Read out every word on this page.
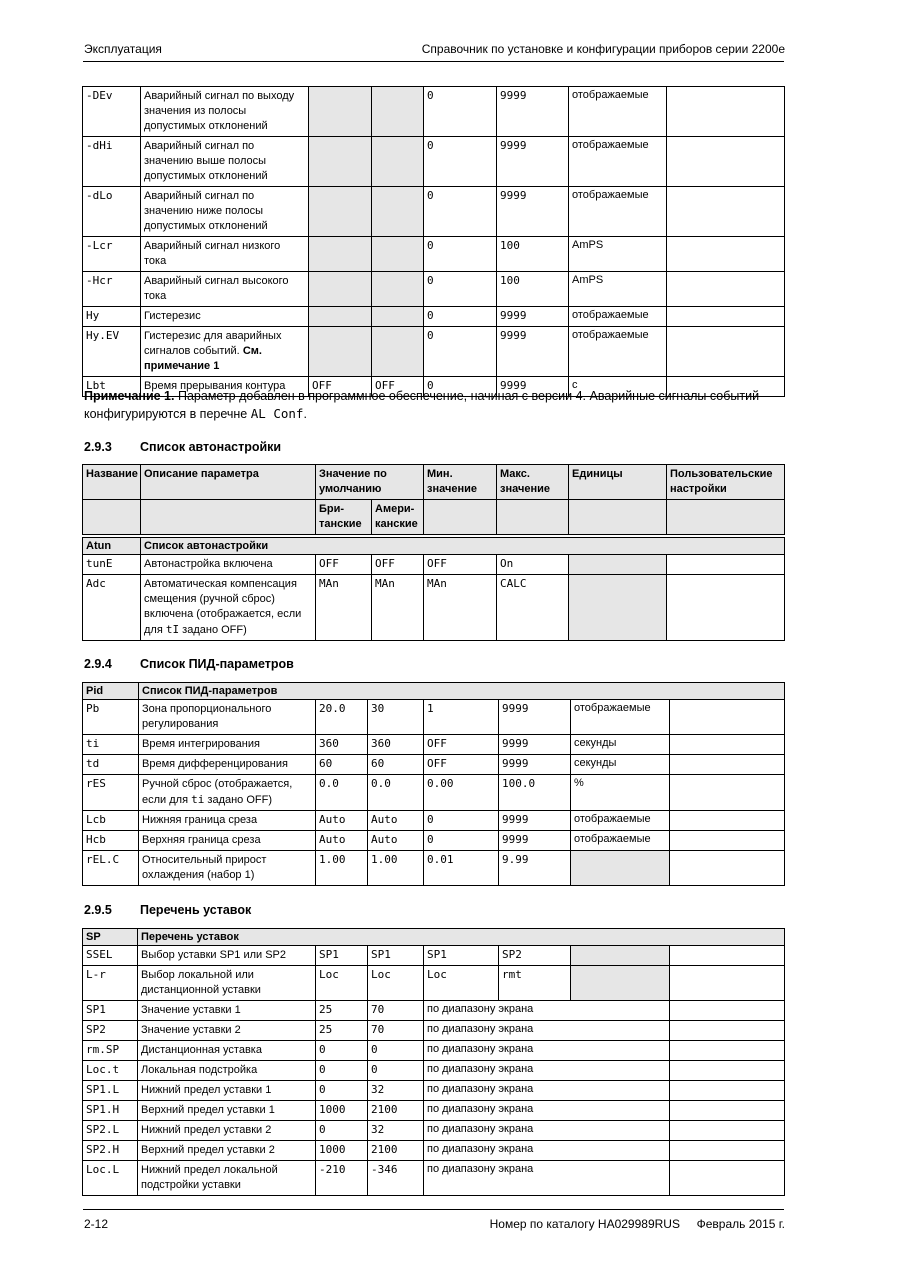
Эксплуатация	Справочник по установке и конфигурации приборов серии 2200e
-DEv	Аварийный сигнал по выходу значения из полосы допустимых отклонений			0	9999	отображаемые	
-dHi	Аварийный сигнал по значению выше полосы допустимых отклонений			0	9999	отображаемые	
-dLo	Аварийный сигнал по значению ниже полосы допустимых отклонений			0	9999	отображаемые	
-Lcr	Аварийный сигнал низкого тока			0	100	AmPS	
-Hcr	Аварийный сигнал высокого тока			0	100	AmPS	
Hy	Гистерезис			0	9999	отображаемые	
Hy.EV	Гистерезис для аварийных сигналов событий. См. примечание 1			0	9999	отображаемые	
Lbt	Время прерывания контура	OFF	OFF	0	9999	с	
Примечание 1. Параметр добавлен в программное обеспечение, начиная с версии 4. Аварийные сигналы событий конфигурируются в перечне AL Conf.
2.9.3 Список автонастройки
Название	Описание параметра	Значение по умолчанию		Мин. значение	Макс. значение	Единицы	Пользовательские настройки
		Бри-танские	Амери-канские				
Atun	Список автонастройки						
tunE	Автонастройка включена	OFF	OFF	OFF	On		
Adc	Автоматическая компенсация смещения (ручной сброс) включена (отображается, если для tI задано OFF)	MAn	MAn	MAn	CALC		
2.9.4 Список ПИД-параметров
Pid	Список ПИД-параметров						
Pb	Зона пропорционального регулирования	20.0	30	1	9999	отображаемые	
ti	Время интегрирования	360	360	OFF	9999	секунды	
td	Время дифференцирования	60	60	OFF	9999	секунды	
rES	Ручной сброс (отображается, если для ti задано OFF)	0.0	0.0	0.00	100.0	%	
Lcb	Нижняя граница среза	Auto	Auto	0	9999	отображаемые	
Hcb	Верхняя граница среза	Auto	Auto	0	9999	отображаемые	
rEL.C	Относительный прирост охлаждения (набор 1)	1.00	1.00	0.01	9.99		
2.9.5 Перечень уставок
SP	Перечень уставок						
SSEL	Выбор уставки SP1 или SP2	SP1	SP1	SP1	SP2		
L-r	Выбор локальной или дистанционной уставки	Loc	Loc	Loc	rmt		
SP1	Значение уставки 1	25	70	по диапазону экрана			
SP2	Значение уставки 2	25	70	по диапазону экрана			
rm.SP	Дистанционная уставка	0	0	по диапазону экрана			
Loc.t	Локальная подстройка	0	0	по диапазону экрана			
SP1.L	Нижний предел уставки 1	0	32	по диапазону экрана			
SP1.H	Верхний предел уставки 1	1000	2100	по диапазону экрана			
SP2.L	Нижний предел уставки 2	0	32	по диапазону экрана			
SP2.H	Верхний предел уставки 2	1000	2100	по диапазону экрана			
Loc.L	Нижний предел локальной подстройки уставки	-210	-346	по диапазону экрана			
2-12	Номер по каталогу HA029989RUS     Февраль 2015 г.
